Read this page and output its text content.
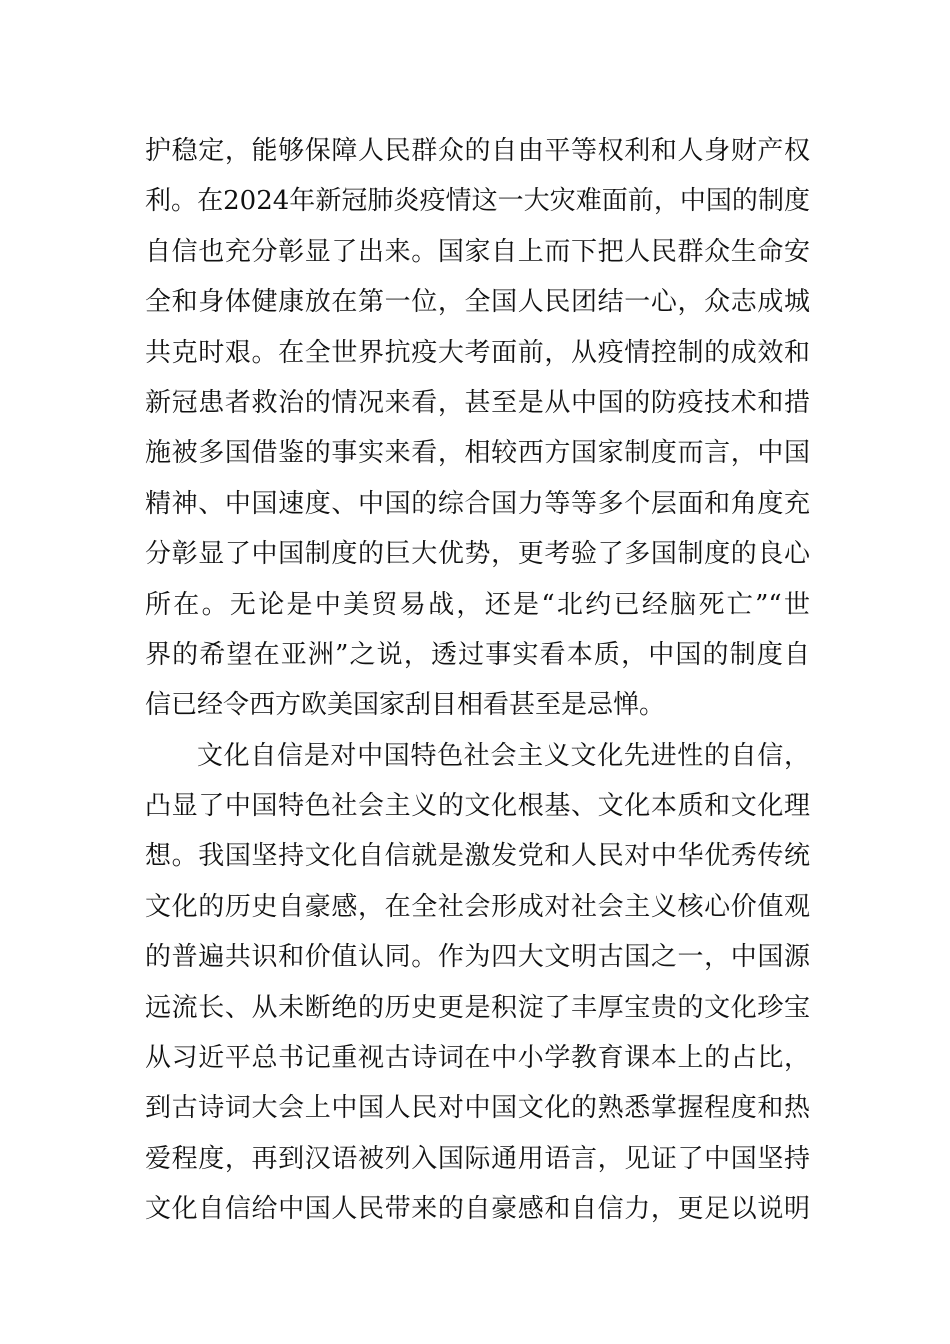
护稳定，能够保障人民群众的自由平等权利和人身财产权
利。在2024年新冠肺炎疫情这一大灾难面前，中国的制度
自信也充分彰显了出来。国家自上而下把人民群众生命安
全和身体健康放在第一位，全国人民团结一心，众志成城
共克时艰。在全世界抗疫大考面前，从疫情控制的成效和
新冠患者救治的情况来看，甚至是从中国的防疫技术和措
施被多国借鉴的事实来看，相较西方国家制度而言，中国
精神、中国速度、中国的综合国力等等多个层面和角度充
分彰显了中国制度的巨大优势，更考验了多国制度的良心
所在。无论是中美贸易战，还是“北约已经脑死亡”“世
界的希望在亚洲”之说，透过事实看本质，中国的制度自
信已经令西方欧美国家刮目相看甚至是忌惮。
文化自信是对中国特色社会主义文化先进性的自信，
凸显了中国特色社会主义的文化根基、文化本质和文化理
想。我国坚持文化自信就是激发党和人民对中华优秀传统
文化的历史自豪感，在全社会形成对社会主义核心价值观
的普遍共识和价值认同。作为四大文明古国之一，中国源
远流长、从未断绝的历史更是积淀了丰厚宝贵的文化珍宝
从习近平总书记重视古诗词在中小学教育课本上的占比，
到古诗词大会上中国人民对中国文化的熟悉掌握程度和热
爱程度，再到汉语被列入国际通用语言，见证了中国坚持
文化自信给中国人民带来的自豪感和自信力，更足以说明
